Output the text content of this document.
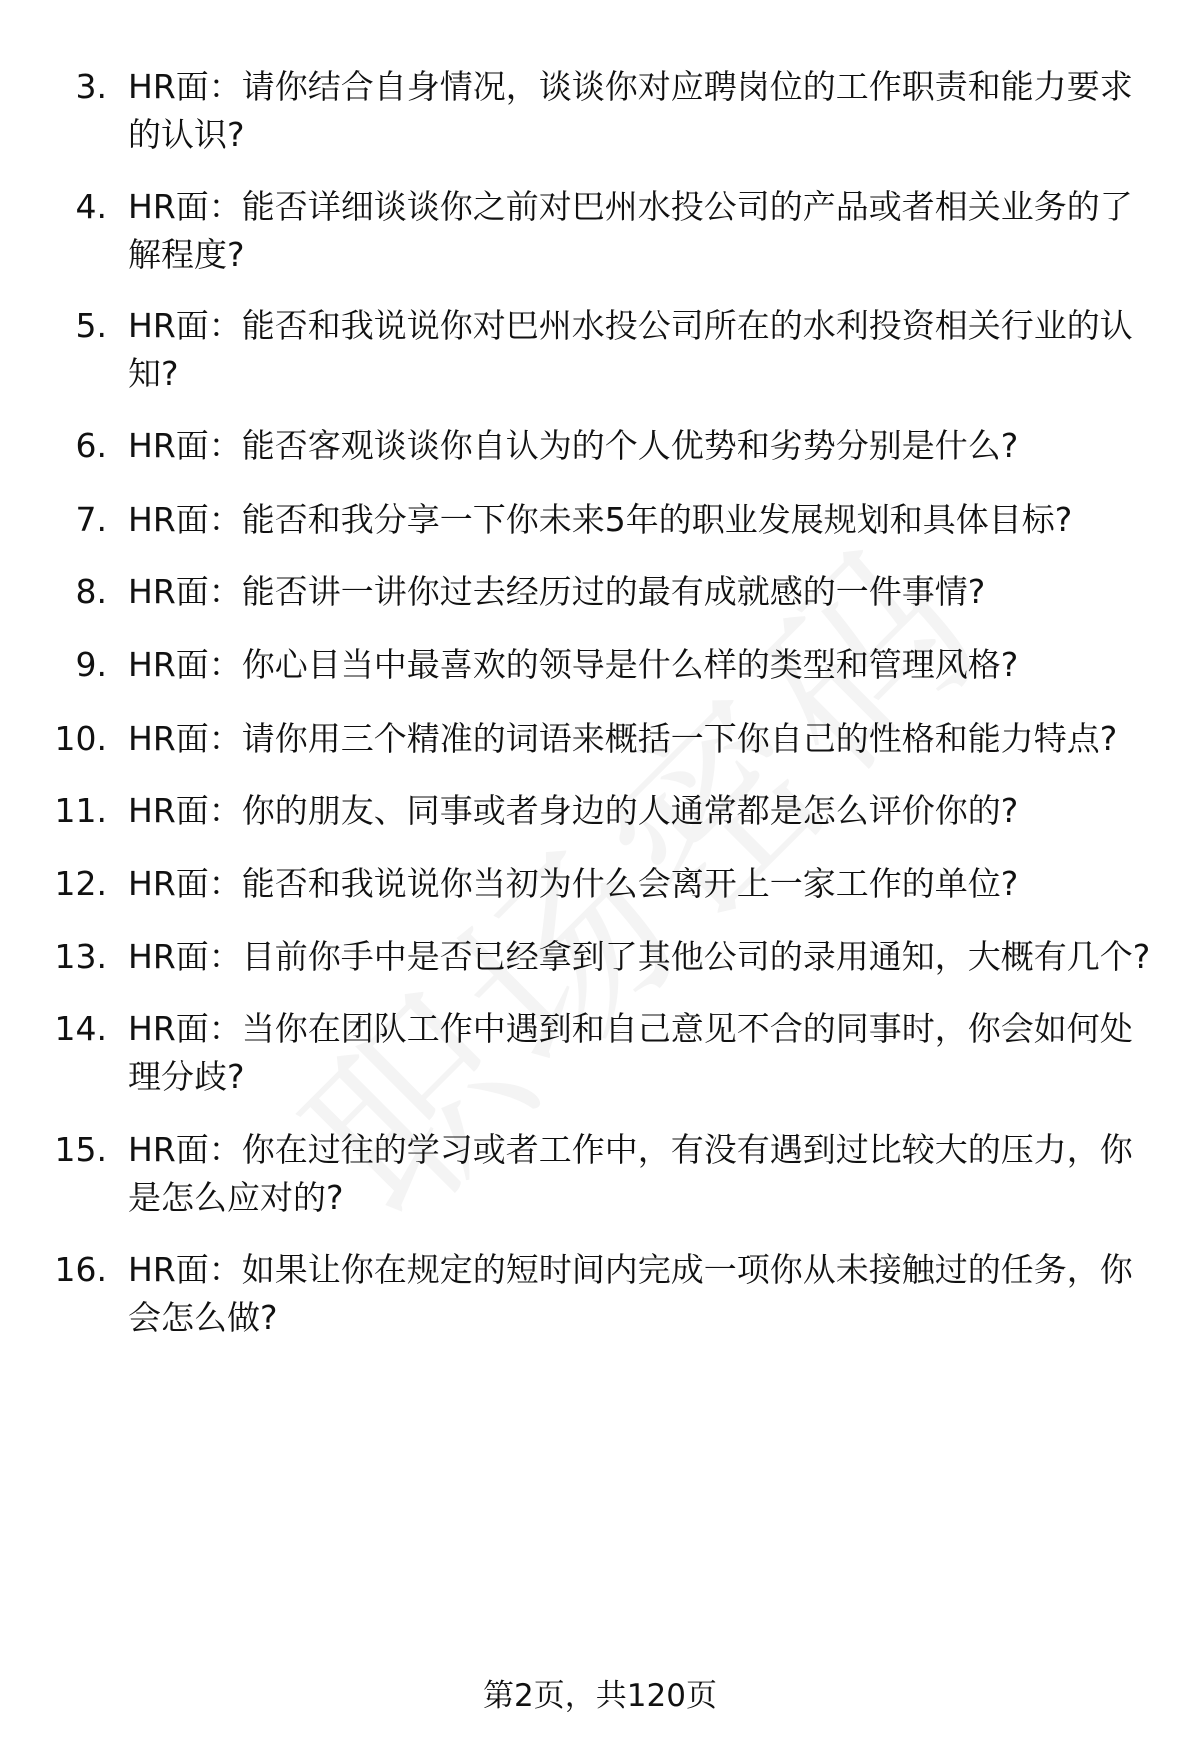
3. HR面：请你结合自身情况，谈谈你对应聘岗位的工作职责和能力要求的认识?
4. HR面：能否详细谈谈你之前对巴州水投公司的产品或者相关业务的了解程度?
5. HR面：能否和我说说你对巴州水投公司所在的水利投资相关行业的认知?
6. HR面：能否客观谈谈你自认为的个人优势和劣势分别是什么?
7. HR面：能否和我分享一下你未来5年的职业发展规划和具体目标?
8. HR面：能否讲一讲你过去经历过的最有成就感的一件事情?
9. HR面：你心目当中最喜欢的领导是什么样的类型和管理风格?
10. HR面：请你用三个精准的词语来概括一下你自己的性格和能力特点?
11. HR面：你的朋友、同事或者身边的人通常都是怎么评价你的?
12. HR面：能否和我说说你当初为什么会离开上一家工作的单位?
13. HR面：目前你手中是否已经拿到了其他公司的录用通知，大概有几个?
14. HR面：当你在团队工作中遇到和自己意见不合的同事时，你会如何处理分歧?
15. HR面：你在过往的学习或者工作中，有没有遇到过比较大的压力，你是怎么应对的?
16. HR面：如果让你在规定的短时间内完成一项你从未接触过的任务，你会怎么做?
第2页，共120页
